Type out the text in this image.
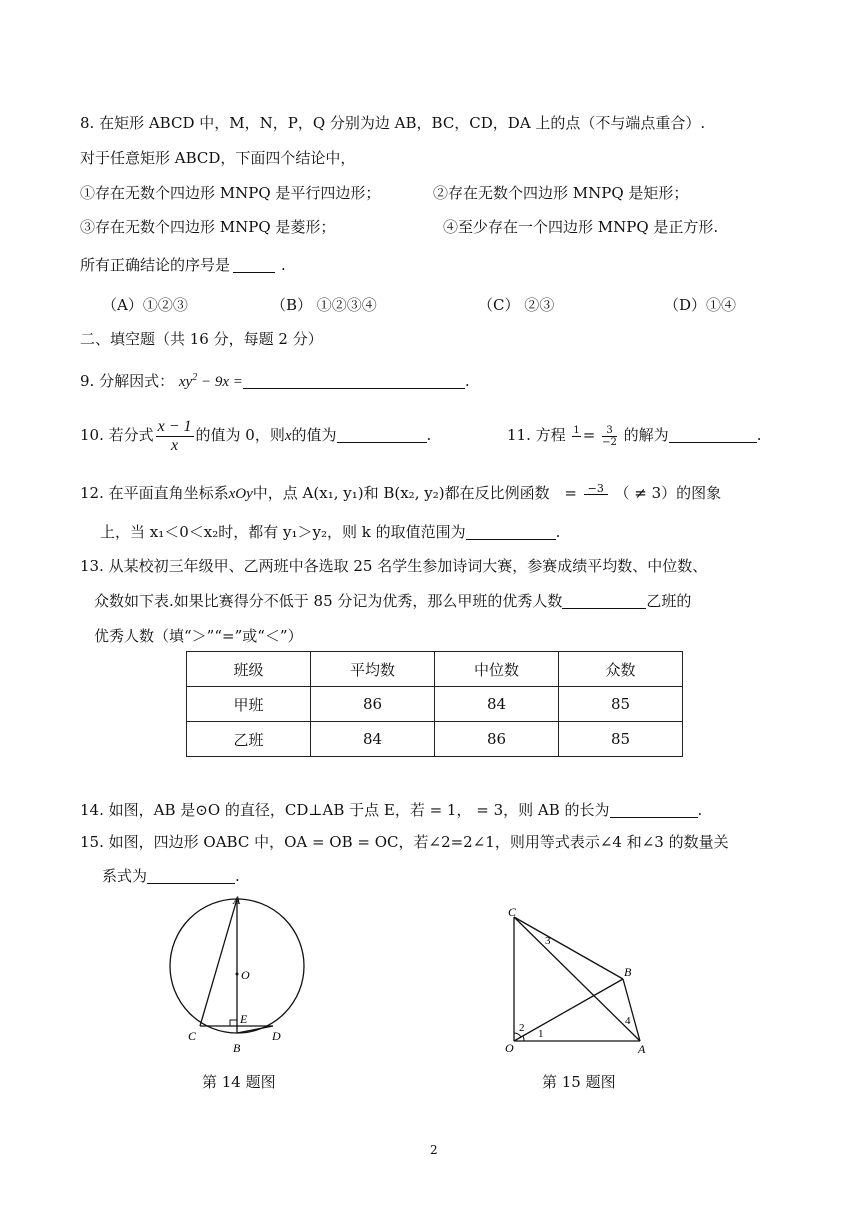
8. 在矩形 ABCD 中，M，N，P，Q 分别为边 AB，BC，CD，DA 上的点（不与端点重合）.
对于任意矩形 ABCD，下面四个结论中，
①存在无数个四边形 MNPQ 是平行四边形；	②存在无数个四边形 MNPQ 是矩形；
③存在无数个四边形 MNPQ 是菱形；	④至少存在一个四边形 MNPQ 是正方形.
所有正确结论的序号是	.
（A）①②③	（B） ①②③④	（C） ②③	（D）①④
二、填空题（共 16 分，每题 2 分）
9. 分解因式： $xy^2 - 9x$ =	.
10. 若分式 $\frac{x - 1}{x}$ 的值为 0，则x的值为	.	11. 方程 $1 = \frac{3}{-2}$ 的解为	.
12. 在平面直角坐标系xOy中，点 A(x₁, y₁)和 B(x₂, y₂)都在反比例函数 = −3 （ ≠ 3）的图象
上，当 x₁＜0＜x₂时，都有 y₁＞y₂，则 k 的取值范围为	.
13. 从某校初三年级甲、乙两班中各选取 25 名学生参加诗词大赛，参赛成绩平均数、中位数、
众数如下表.如果比赛得分不低于 85 分记为优秀，那么甲班的优秀人数	乙班的
优秀人数（填“＞”“=”或“＜”）
班级	平均数	中位数	众数
甲班	86	84	85
乙班	84	86	85
14. 如图，AB 是⊙O 的直径，CD⊥AB 于点 E，若 = 1， = 3，则 AB 的长为	.
15. 如图，四边形 OABC 中，OA = OB = OC，若∠2=2∠1，则用等式表示∠4 和∠3 的数量关
系式为	.
A
O
E
C
B
D
第 14 题图
C
B
O	A
1
2
3
4
第 15 题图
2
